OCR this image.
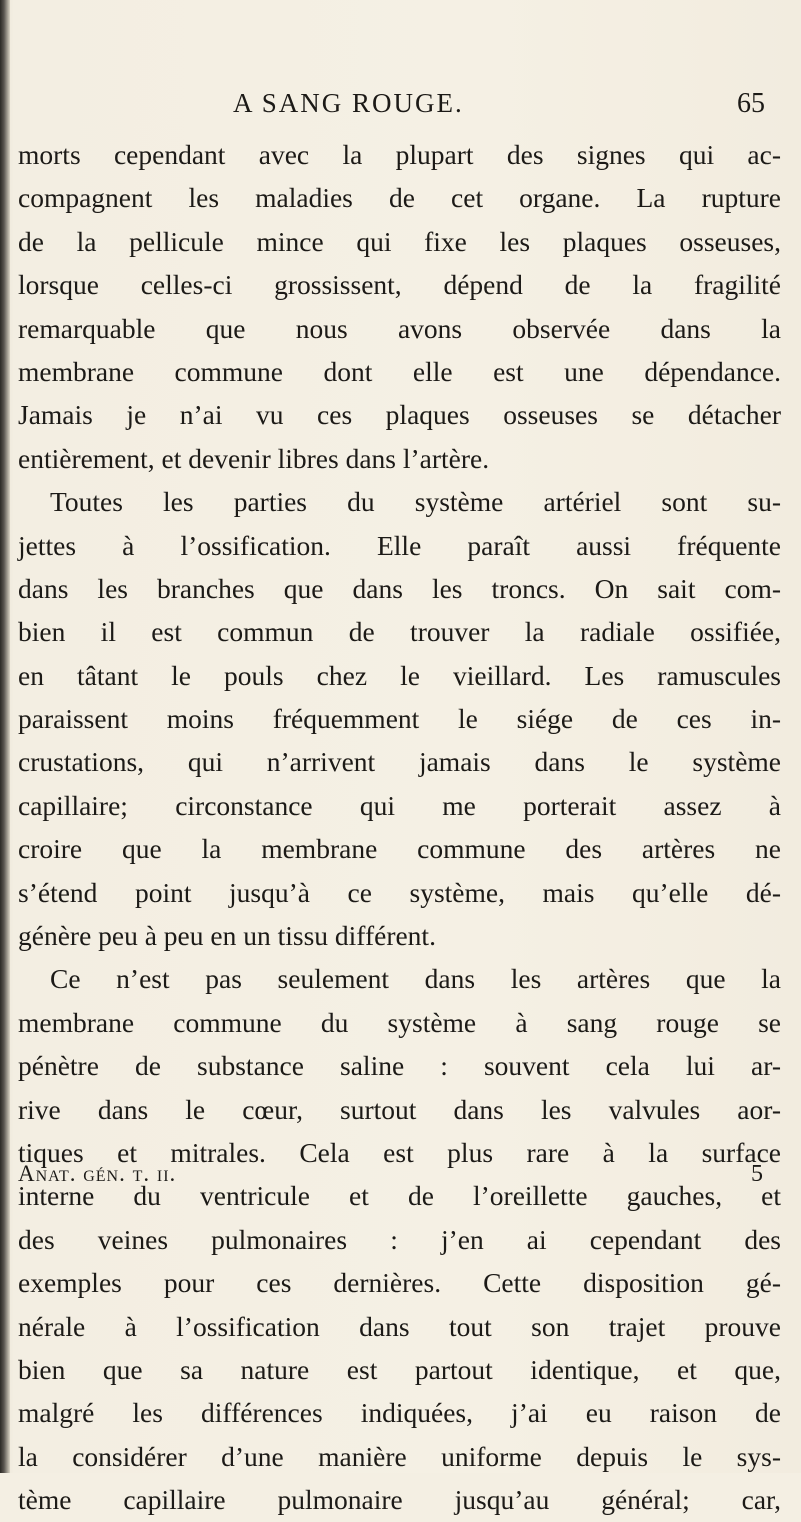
A SANG ROUGE.	65
morts cependant avec la plupart des signes qui ac-
compagnent les maladies de cet organe. La rupture
de la pellicule mince qui fixe les plaques osseuses,
lorsque celles-ci grossissent, dépend de la fragilité
remarquable que nous avons observée dans la
membrane commune dont elle est une dépendance.
Jamais je n’ai vu ces plaques osseuses se détacher
entièrement, et devenir libres dans l’artère.
Toutes les parties du système artériel sont su-
jettes à l’ossification. Elle paraît aussi fréquente
dans les branches que dans les troncs. On sait com-
bien il est commun de trouver la radiale ossifiée,
en tâtant le pouls chez le vieillard. Les ramuscules
paraissent moins fréquemment le siége de ces in-
crustations, qui n’arrivent jamais dans le système
capillaire; circonstance qui me porterait assez à
croire que la membrane commune des artères ne
s’étend point jusqu’à ce système, mais qu’elle dé-
génère peu à peu en un tissu différent.
Ce n’est pas seulement dans les artères que la
membrane commune du système à sang rouge se
pénètre de substance saline : souvent cela lui ar-
rive dans le cœur, surtout dans les valvules aor-
tiques et mitrales. Cela est plus rare à la surface
interne du ventricule et de l’oreillette gauches, et
des veines pulmonaires : j’en ai cependant des
exemples pour ces dernières. Cette disposition gé-
nérale à l’ossification dans tout son trajet prouve
bien que sa nature est partout identique, et que,
malgré les différences indiquées, j’ai eu raison de
la considérer d’une manière uniforme depuis le sys-
tème capillaire pulmonaire jusqu’au général; car,
Anat. gén. t. ii.	5
